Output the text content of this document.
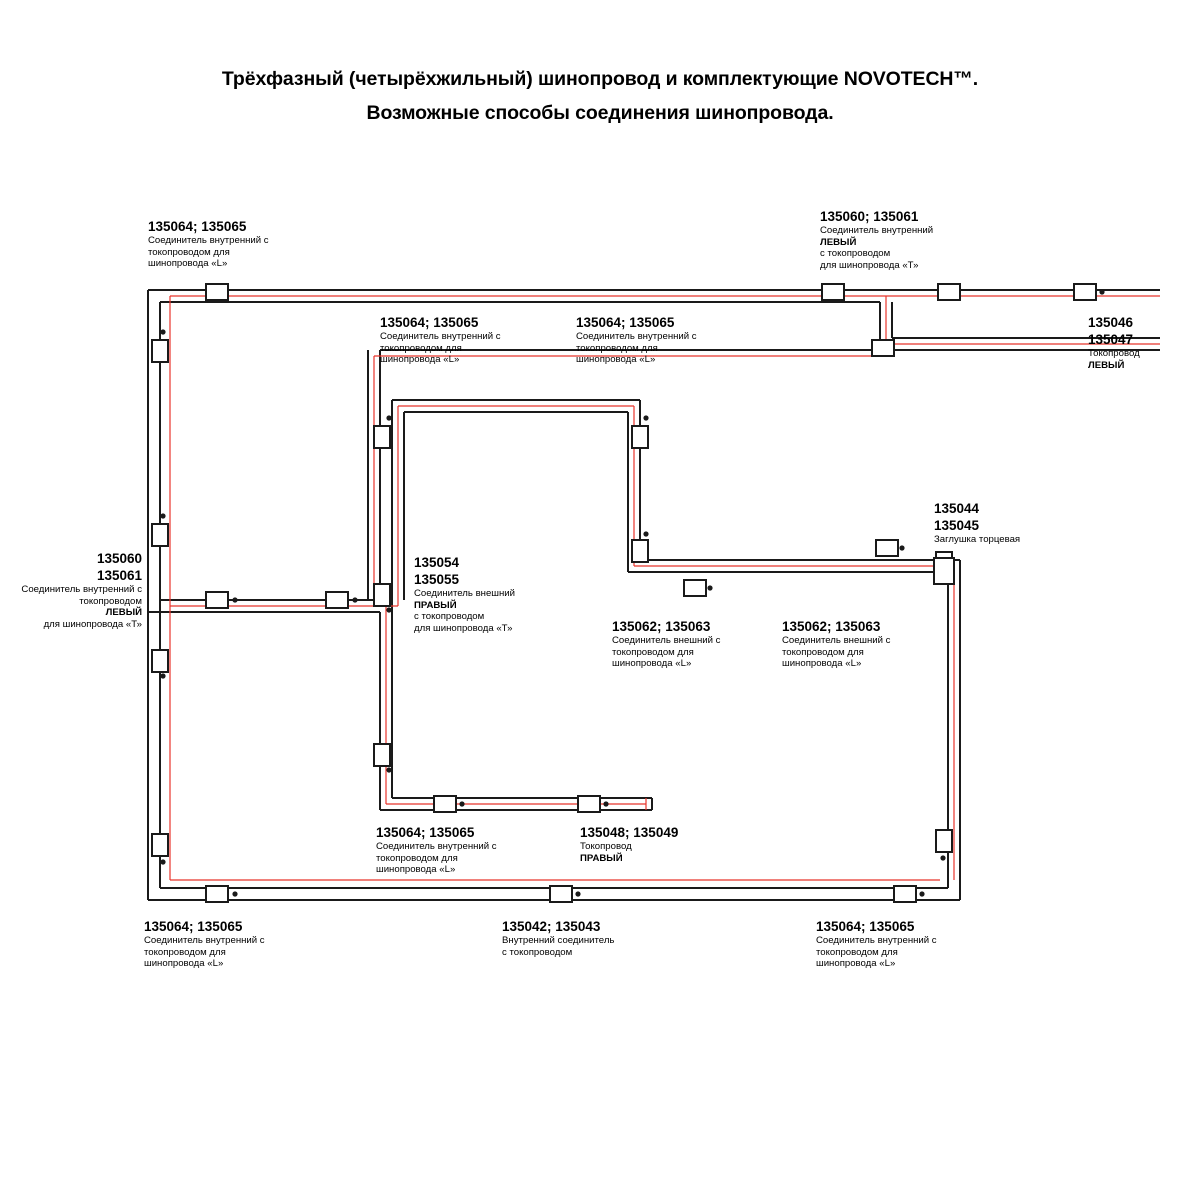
Трёхфазный (четырёхжильный) шинопровод и комплектующие NOVOTECH™.
Возможные способы соединения шинопровода.
135064; 135065
Соединитель внутренний с
токопроводом для
шинопровода «L»
135060; 135061
Соединитель внутренний
ЛЕВЫЙ
с токопроводом
для шинопровода «Т»
135064; 135065
Соединитель внутренний с
токопроводом для
шинопровода «L»
135064; 135065
Соединитель внутренний с
токопроводом для
шинопровода «L»
135046
135047
Токопровод
ЛЕВЫЙ
135044
135045
Заглушка торцевая
135060
135061
Соединитель внутренний с
токопроводом
ЛЕВЫЙ
для шинопровода «Т»
135054
135055
Соединитель внешний
ПРАВЫЙ
с токопроводом
для шинопровода «Т»	135062; 135063
Соединитель внешний с
токопроводом для
шинопровода «L»
135062; 135063
Соединитель внешний с
токопроводом для
шинопровода «L»
135064; 135065
Соединитель внутренний с
токопроводом для
шинопровода «L»
135048; 135049
Токопровод
ПРАВЫЙ
135064; 135065
Соединитель внутренний с
токопроводом для
шинопровода «L»
135042; 135043
Внутренний соединитель
с токопроводом
135064; 135065
Соединитель внутренний с
токопроводом для
шинопровода «L»
